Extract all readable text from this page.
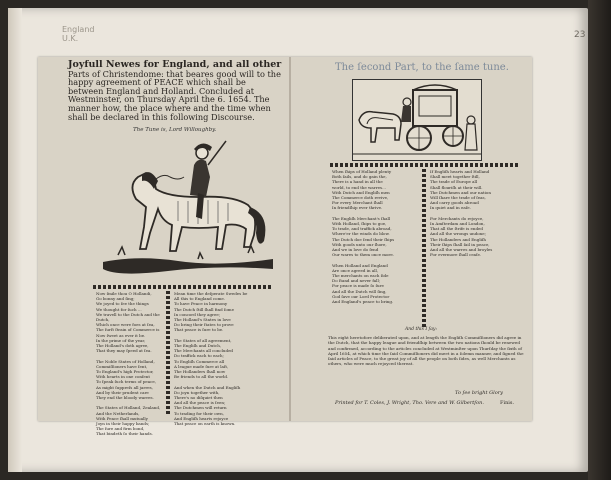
England
U.K.	23
Joyfull Newes for England, and all other
Parts of Christendome: that beares good will to the happy agreement of PEACE which shall be between England and Holland. Concluded at Westminster, on Thursday April the 6. 1654. The manner how, the place where and the time when shall be declared in this following Discourse.
The Tune is, Lord Willoughby.
Now ſmile thou O Hollandi,
Go bonny and ſing;
We joyed to ſee the things
We thought for ſuch ...
We travell to the Dutch and the Dutch,
Which once were foes at ſea,
The ſurſt ſtrain of Commerce is
Now ſweet as ever it be.
In the prime of the year,
The Holland's doth agree,
That they may ſpeed at ſea.

The Noble States of Holland,
Commiſſioners have ſent,
To England's high Protector,
With hearts in one conſent
To ſpeak ſuch terms of peace,
As might ſuppreſs all jarres,
And by their prudent care
They end the bloody warres.

The States of Holland, Zealand,
And the Netherlands,
With Peace ſhall mutually
Joyn in their happy bands;
The ſure and firm bond,
That bindeth ſo their hands.
Mean time the deſperate Swedes be
All this to England come.
To have Peace in harmony
The Dutch ſtill ſhall find ſome
In concord they agree;
The Holland's States in love
Do bring their ſtates to prove
That peace is ſure to be.

The States of all agreement,
The Engliſh and Dutch,
The Merchants all concluded
Do traffick each to each;
To Engliſh Commerce all
A league made ſure at laſt,
The Hollanders ſhall now
Be friends to all the world.

And when the Dutch and Engliſh
Do joyn together with,
There's no diſquiet then
And all the peace is ſeen;
The Dutchmen will return
To trading for their own,
And Engliſh hearts rejoyce
That peace on earth is known.
The ſecond Part, to the ſame tune.
When ſhips of Holland plenty
Both ſails, and do gain the,
There is a hand in all the
world, to end the warres...
With Dutch and Engliſh men
The Commerce doth revive,
For every Merchant ſhall
In friendſhip ever thrive.

The Engliſh Merchant's ſhall
With Holland, ſhips to goe,
To trade, and traffick abroad,
Where'er the winds do blow.
The Dutch doe ſend their ſhips
With goods unto our ſhore,
And we in love do ſend
Our wares to them once more.

When Holland and England
Are once agreed in all,
The merchants on each ſide
Do ſtand and never fall;
For peace is made ſo ſure
And all the Dutch will ſing,
God ſave our Lord Protector
And England's peace to bring.
If Engliſh hearts and Holland
Shall meet together ſtill,
The trade of Europe all
Shall flouriſh at their will.
The Dutchmen and our nation
Will ſhare the trade of ſeas,
And carry goods abroad
In quiet and in eaſe.

For Merchants do rejoyce,
In Amſterdam and London,
That all the ſtrife is ended
And all the wrongs undone;
The Hollanders and Engliſh
Their ſhips ſhall ſail in peace,
And all the warres and broyles
For evermore ſhall ceaſe.
And this I ſay:
This eight heretofore deliberated upon, and at length the Engliſh Commiſſioners did agree in the Dutch, that the happy league and friendſhip between the two nations ſhould be renewed and confirmed, according to the articles concluded at Westminſter upon Thurſday the ſixth of April 1654, at which time the ſaid Commiſſioners did meet in a ſolemn manner, and ſigned the ſaid articles of Peace, to the great joy of all the people on both ſides, as well Merchants as others, who were much rejoyced thereat.
To ſee bright Glory
Printed for T. Coles, J. Wright, Tho. Vere and W. Gilbertſon.	Finis.
